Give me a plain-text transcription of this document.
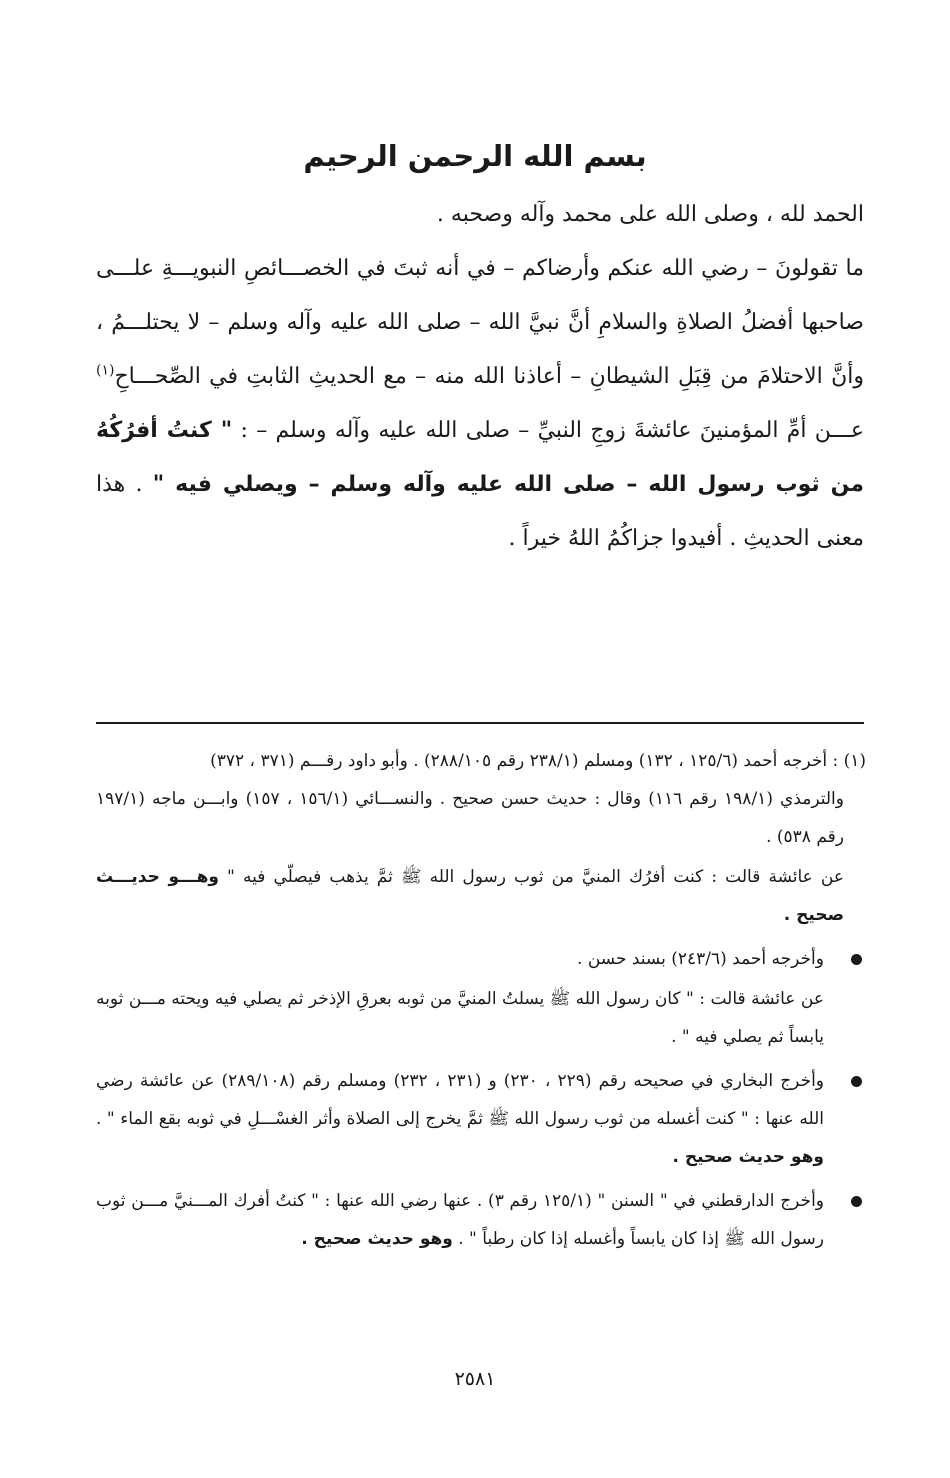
بسم الله الرحمن الرحيم

الحمد لله ، وصلى الله على محمد وآله وصحبه .

ما تقولونَ – رضي الله عنكم وأرضاكم – في أنه ثبتَ في الخصـــائصِ النبويـــةِ علـــى صاحبها أفضلُ الصلاةِ والسلامِ أنَّ نبيَّ الله – صلى الله عليه وآله وسلم – لا يحتلـــمُ ، وأنَّ الاحتلامَ من قِبَلِ الشيطانِ – أعاذنا الله منه – مع الحديثِ الثابتِ في الصِّحـــاحِ$^{(١)}$ عـــن أمِّ المؤمنينَ عائشةَ زوجِ النبيِّ – صلى الله عليه وآله وسلم – : " كنتُ أفرُكُهُ من ثوب رسول الله – صلى الله عليه وآله وسلم – ويصلي فيه " . هذا معنى الحديثِ . أفيدوا جزاكُمُ اللهُ خيراً .

(١) : أخرجه أحمد (١٢٥/٦ ، ١٣٢) ومسلم (٢٣٨/١ رقم ٢٨٨/١٠٥) . وأبو داود رقـــم (٣٧١ ، ٣٧٢)

والترمذي (١٩٨/١ رقم ١١٦) وقال : حديث حسن صحيح . والنســـائي (١٥٦/١ ، ١٥٧) وابـــن ماجه (١٩٧/١ رقم ٥٣٨) .

عن عائشة قالت : كنت أفرُك المنيَّ من ثوب رسول الله ﷺ ثمَّ يذهب فيصلّي فيه " وهـــو حديـــث صحيح .

وأخرجه أحمد (٢٤٣/٦) بسند حسن .

عن عائشة قالت : " كان رسول الله ﷺ يسلتُ المنيَّ من ثوبه بعرقِ الإذخر ثم يصلي فيه ويحته مـــن ثوبه يابساً ثم يصلي فيه " .

وأخرج البخاري في صحيحه رقم (٢٢٩ ، ٢٣٠) و (٢٣١ ، ٢٣٢) ومسلم رقم (٢٨٩/١٠٨) عن عائشة رضي الله عنها : " كنت أغسله من ثوب رسول الله ﷺ ثمَّ يخرج إلى الصلاة وأثر الغسْـــلِ في ثوبه بقع الماء " . وهو حديث صحيح .

وأخرج الدارقطني في " السنن " (١٢٥/١ رقم ٣) . عنها رضي الله عنها : " كنتُ أفرك المـــنيَّ مـــن ثوب رسول الله ﷺ إذا كان يابساً وأغسله إذا كان رطباً " . وهو حديث صحيح .

٢٥٨١
